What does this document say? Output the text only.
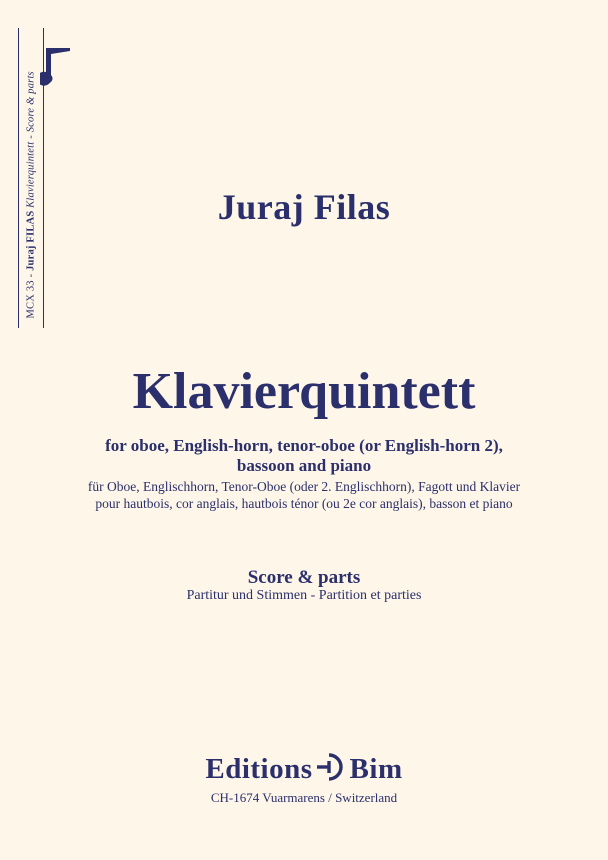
MCX 33 - Juraj FILAS Klavierquintett - Score & parts
Juraj Filas
Klavierquintett
for oboe, English-horn, tenor-oboe (or English-horn 2),
bassoon and piano
für Oboe, Englischhorn, Tenor-Oboe (oder 2. Englischhorn), Fagott und Klavier
pour hautbois, cor anglais, hautbois ténor (ou 2e cor anglais), basson et piano
Score & parts
Partitur und Stimmen - Partition et parties
Editions Bim
CH-1674 Vuarmarens / Switzerland
